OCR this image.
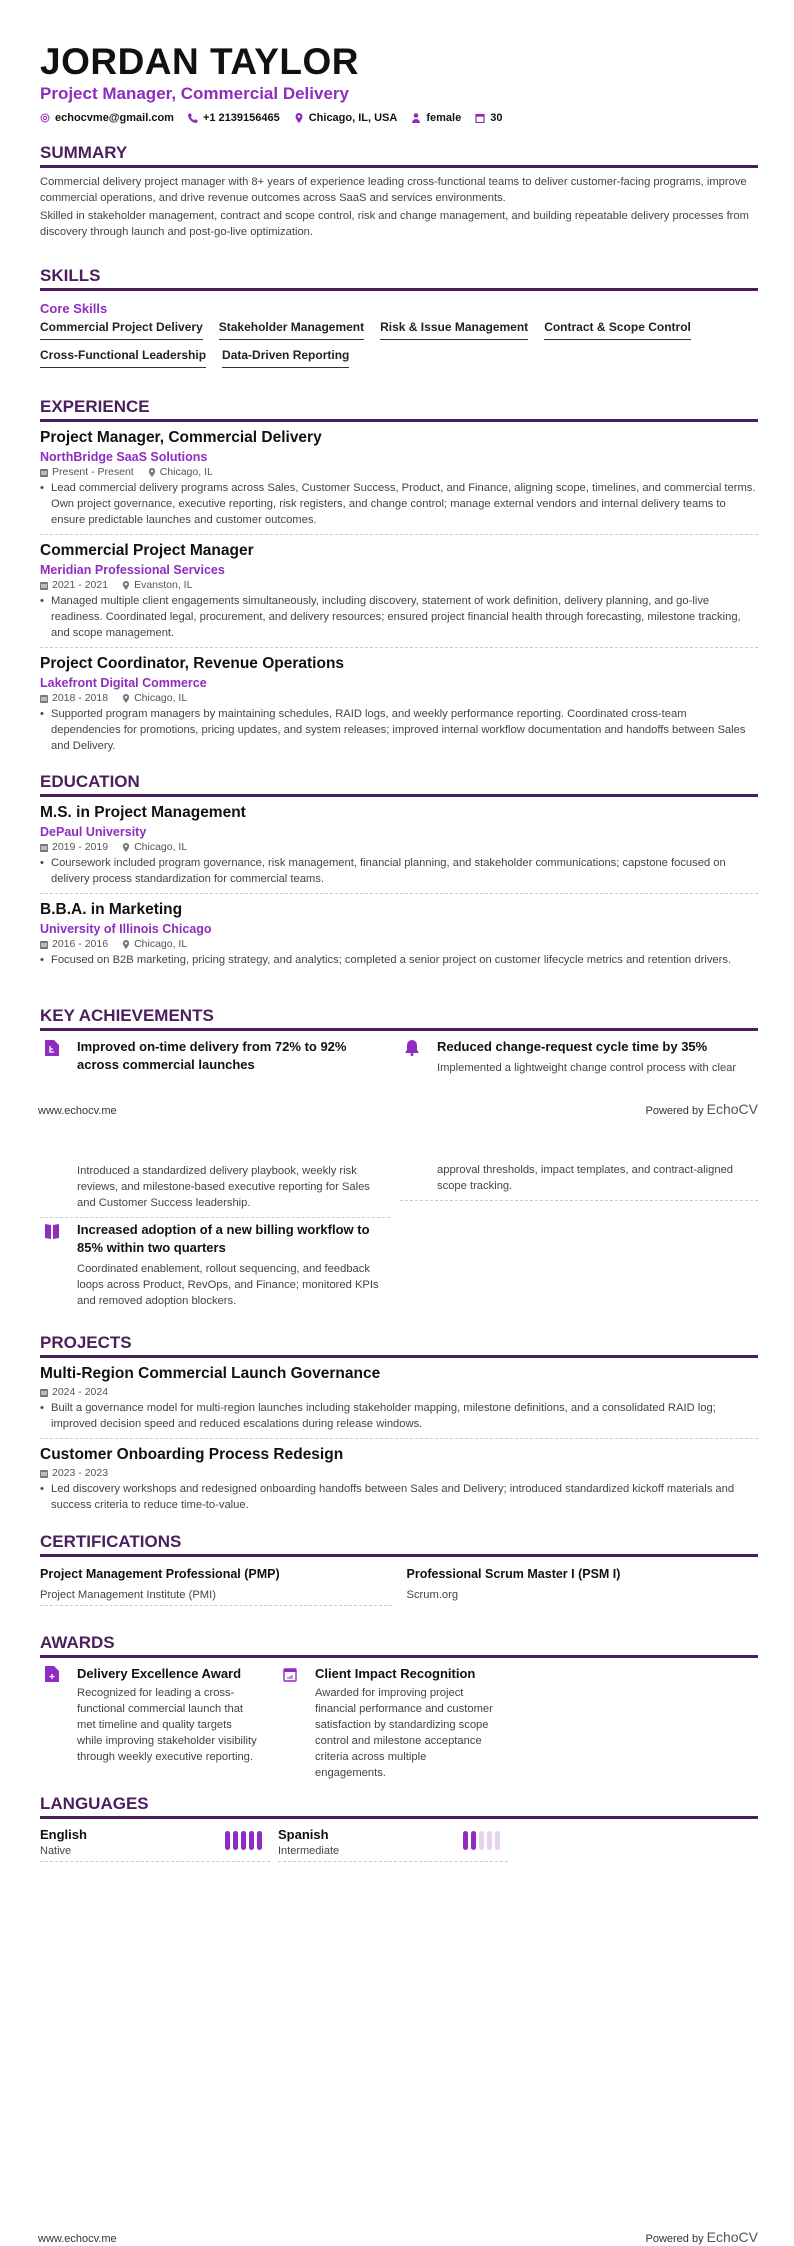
JORDAN TAYLOR
Project Manager, Commercial Delivery
echocvme@gmail.com	+1 2139156465	Chicago, IL, USA	female	30
SUMMARY

Commercial delivery project manager with 8+ years of experience leading cross-functional teams to deliver customer-facing programs, improve commercial operations, and drive revenue outcomes across SaaS and services environments.

Skilled in stakeholder management, contract and scope control, risk and change management, and building repeatable delivery processes from discovery through launch and post-go-live optimization.

SKILLS
Core Skills
Commercial Project Delivery Stakeholder Management Risk & Issue Management Contract & Scope Control
Cross-Functional Leadership Data-Driven Reporting
EXPERIENCE
Project Manager, Commercial Delivery
NorthBridge SaaS Solutions
Present - Present Chicago, IL
• Lead commercial delivery programs across Sales, Customer Success, Product, and Finance, aligning scope, timelines, and commercial terms. Own project governance, executive reporting, risk registers, and change control; manage external vendors and internal delivery teams to ensure predictable launches and customer outcomes.
Commercial Project Manager
Meridian Professional Services
2021 - 2021 Evanston, IL
• Managed multiple client engagements simultaneously, including discovery, statement of work definition, delivery planning, and go-live readiness. Coordinated legal, procurement, and delivery resources; ensured project financial health through forecasting, milestone tracking, and scope management.
Project Coordinator, Revenue Operations
Lakefront Digital Commerce
2018 - 2018 Chicago, IL
• Supported program managers by maintaining schedules, RAID logs, and weekly performance reporting. Coordinated cross-team dependencies for promotions, pricing updates, and system releases; improved internal workflow documentation and handoffs between Sales and Delivery.
EDUCATION
M.S. in Project Management
DePaul University
2019 - 2019 Chicago, IL
• Coursework included program governance, risk management, financial planning, and stakeholder communications; capstone focused on delivery process standardization for commercial teams.
B.B.A. in Marketing
University of Illinois Chicago
2016 - 2016 Chicago, IL
• Focused on B2B marketing, pricing strategy, and analytics; completed a senior project on customer lifecycle metrics and retention drivers.
KEY ACHIEVEMENTS
Improved on-time delivery from 72% to 92% across commercial launches
Introduced a standardized delivery playbook, weekly risk reviews, and milestone-based executive reporting for Sales and Customer Success leadership.
Reduced change-request cycle time by 35%
Implemented a lightweight change control process with clear
approval thresholds, impact templates, and contract-aligned scope tracking.
Increased adoption of a new billing workflow to 85% within two quarters
Coordinated enablement, rollout sequencing, and feedback loops across Product, RevOps, and Finance; monitored KPIs and removed adoption blockers.
www.echocv.me	Powered by EchoCV
PROJECTS
Multi-Region Commercial Launch Governance
2024 - 2024
• Built a governance model for multi-region launches including stakeholder mapping, milestone definitions, and a consolidated RAID log; improved decision speed and reduced escalations during release windows.
Customer Onboarding Process Redesign
2023 - 2023
• Led discovery workshops and redesigned onboarding handoffs between Sales and Delivery; introduced standardized kickoff materials and success criteria to reduce time-to-value.
CERTIFICATIONS
Project Management Professional (PMP)
Project Management Institute (PMI)
Professional Scrum Master I (PSM I)
Scrum.org
AWARDS
Delivery Excellence Award
Recognized for leading a cross-functional commercial launch that met timeline and quality targets while improving stakeholder visibility through weekly executive reporting.
Client Impact Recognition
Awarded for improving project financial performance and customer satisfaction by standardizing scope control and milestone acceptance criteria across multiple engagements.
LANGUAGES
English
Native
Spanish
Intermediate
www.echocv.me	Powered by EchoCV
